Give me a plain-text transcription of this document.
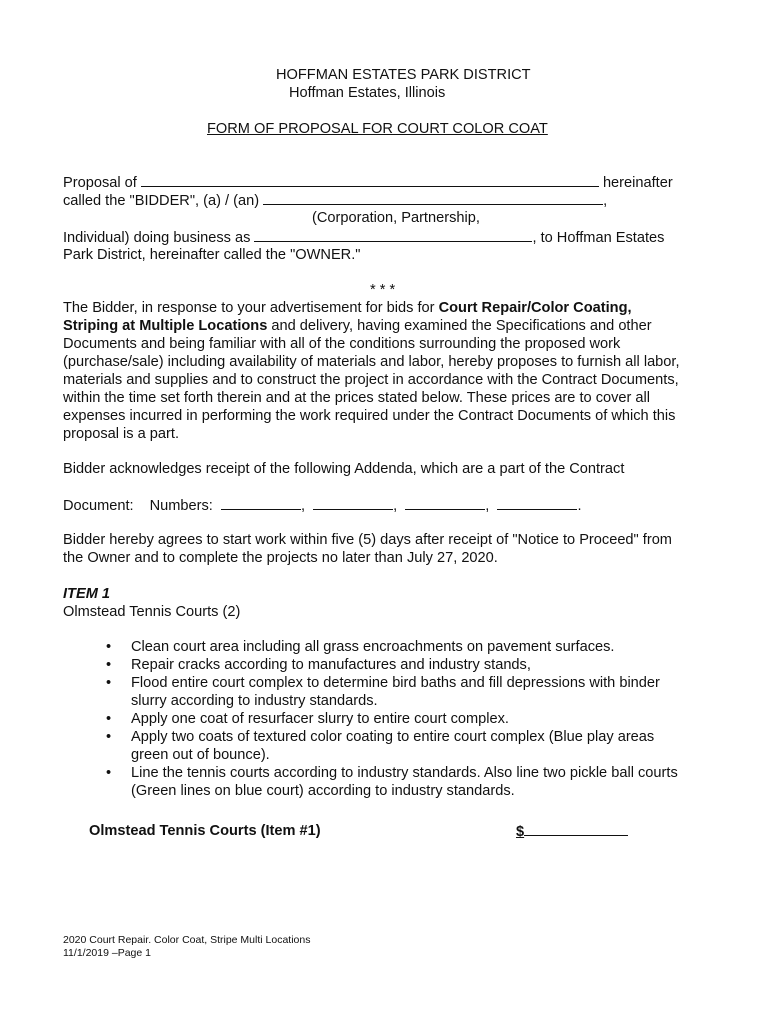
HOFFMAN ESTATES PARK DISTRICT
Hoffman Estates, Illinois
FORM OF PROPOSAL FOR COURT COLOR COAT
Proposal of	hereinafter
called the "BIDDER", (a) / (an)	,
(Corporation, Partnership,
Individual) doing business as	, to Hoffman Estates
Park District, hereinafter called the "OWNER."
* * *
The Bidder, in response to your advertisement for bids for Court Repair/Color Coating,
Striping at Multiple Locations and delivery, having examined the Specifications and other
Documents and being familiar with all of the conditions surrounding the proposed work
(purchase/sale) including availability of materials and labor, hereby proposes to furnish all labor,
materials and supplies and to construct the project in accordance with the Contract Documents,
within the time set forth therein and at the prices stated below. These prices are to cover all
expenses incurred in performing the work required under the Contract Documents of which this
proposal is a part.
Bidder acknowledges receipt of the following Addenda, which are a part of the Contract
Document: Numbers:	,	,	,	.
Bidder hereby agrees to start work within five (5) days after receipt of "Notice to Proceed" from
the Owner and to complete the projects no later than July 27, 2020.
ITEM 1
Olmstead Tennis Courts (2)
• Clean court area including all grass encroachments on pavement surfaces.
• Repair cracks according to manufactures and industry stands,
• Flood entire court complex to determine bird baths and fill depressions with binder
slurry according to industry standards.
• Apply one coat of resurfacer slurry to entire court complex.
• Apply two coats of textured color coating to entire court complex (Blue play areas
green out of bounce).
• Line the tennis courts according to industry standards. Also line two pickle ball courts
(Green lines on blue court) according to industry standards.
Olmstead Tennis Courts (Item #1)	$
2020 Court Repair. Color Coat, Stripe Multi Locations
11/1/2019 –Page 1
